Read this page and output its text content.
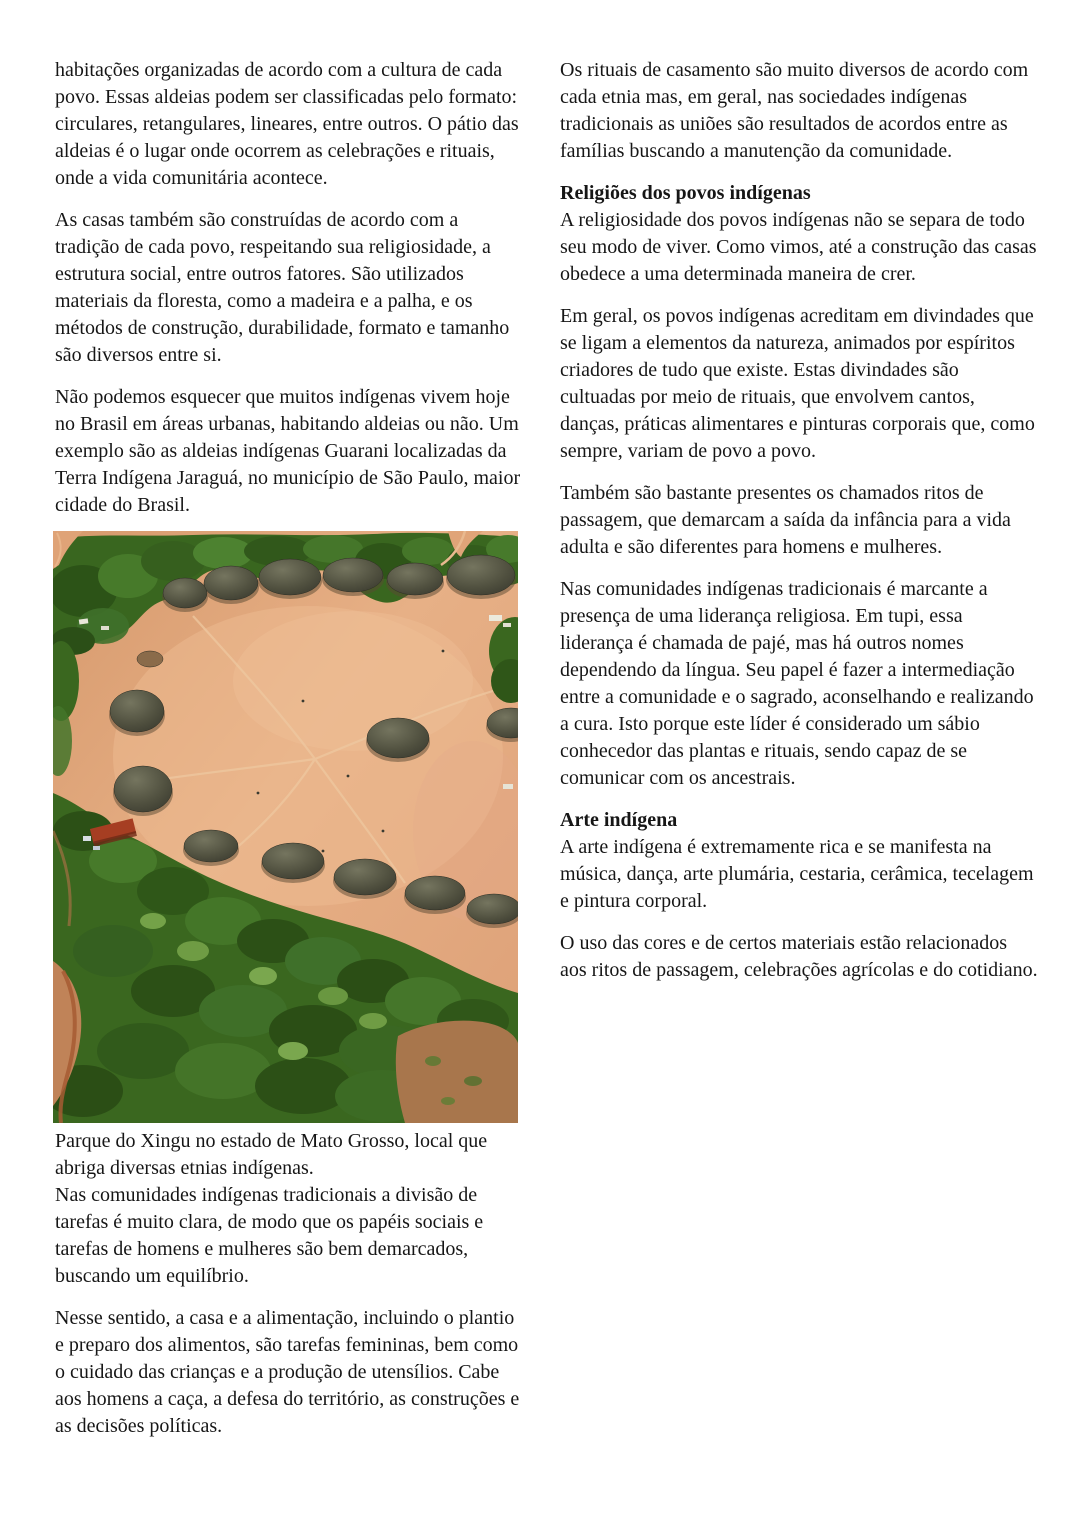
habitações organizadas de acordo com a cultura de cada povo. Essas aldeias podem ser classificadas pelo formato: circulares, retangulares, lineares, entre outros. O pátio das aldeias é o lugar onde ocorrem as celebrações e rituais, onde a vida comunitária acontece.

As casas também são construídas de acordo com a tradição de cada povo, respeitando sua religiosidade, a estrutura social, entre outros fatores. São utilizados materiais da floresta, como a madeira e a palha, e os métodos de construção, durabilidade, formato e tamanho são diversos entre si.

Não podemos esquecer que muitos indígenas vivem hoje no Brasil em áreas urbanas, habitando aldeias ou não. Um exemplo são as aldeias indígenas Guarani localizadas da Terra Indígena Jaraguá, no município de São Paulo, maior cidade do Brasil.

Parque do Xingu no estado de Mato Grosso, local que abriga diversas etnias indígenas.
Nas comunidades indígenas tradicionais a divisão de tarefas é muito clara, de modo que os papéis sociais e tarefas de homens e mulheres são bem demarcados, buscando um equilíbrio.

Nesse sentido, a casa e a alimentação, incluindo o plantio e preparo dos alimentos, são tarefas femininas, bem como o cuidado das crianças e a produção de utensílios. Cabe aos homens a caça, a defesa do território, as construções e as decisões políticas.

Os rituais de casamento são muito diversos de acordo com cada etnia mas, em geral, nas sociedades indígenas tradicionais as uniões são resultados de acordos entre as famílias buscando a manutenção da comunidade.

Religiões dos povos indígenas

A religiosidade dos povos indígenas não se separa de todo seu modo de viver. Como vimos, até a construção das casas obedece a uma determinada maneira de crer.

Em geral, os povos indígenas acreditam em divindades que se ligam a elementos da natureza, animados por espíritos criadores de tudo que existe. Estas divindades são cultuadas por meio de rituais, que envolvem cantos, danças, práticas alimentares e pinturas corporais que, como sempre, variam de povo a povo.

Também são bastante presentes os chamados ritos de passagem, que demarcam a saída da infância para a vida adulta e são diferentes para homens e mulheres.

Nas comunidades indígenas tradicionais é marcante a presença de uma liderança religiosa. Em tupi, essa liderança é chamada de pajé, mas há outros nomes dependendo da língua. Seu papel é fazer a intermediação entre a comunidade e o sagrado, aconselhando e realizando a cura. Isto porque este líder é considerado um sábio conhecedor das plantas e rituais, sendo capaz de se comunicar com os ancestrais.

Arte indígena

A arte indígena é extremamente rica e se manifesta na música, dança, arte plumária, cestaria, cerâmica, tecelagem e pintura corporal.

O uso das cores e de certos materiais estão relacionados aos ritos de passagem, celebrações agrícolas e do cotidiano.
